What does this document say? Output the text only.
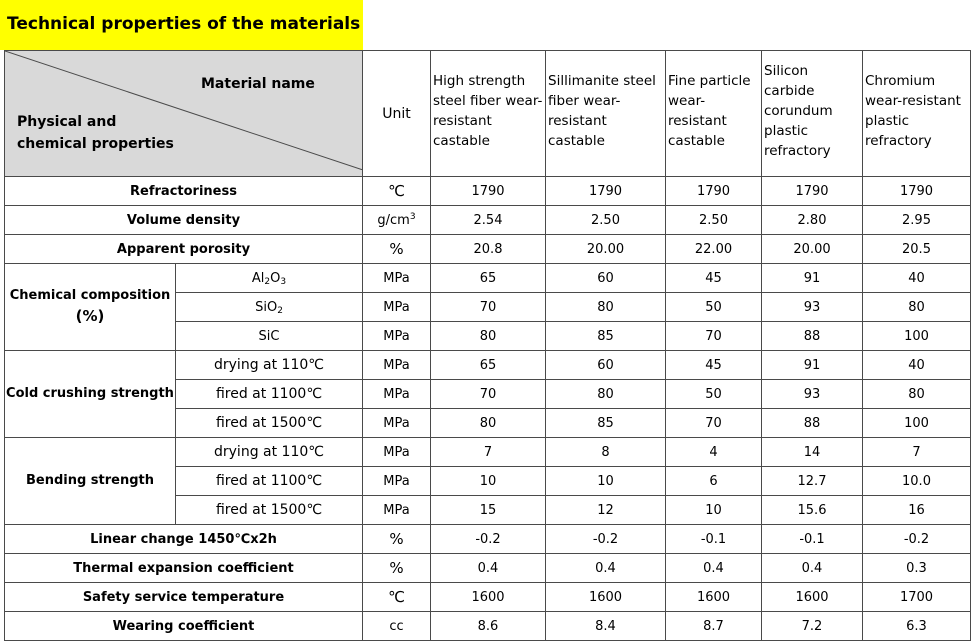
Technical properties of the materials
Material name
Physical and
chemical properties		Unit	High strength steel fiber wear-resistant castable	Sillimanite steel fiber wear-resistant castable	Fine particle wear-resistant castable	Silicon carbide corundum plastic refractory	Chromium wear-resistant plastic refractory
Refractoriness		℃	1790	1790	1790	1790	1790
Volume density		$g/cm^3$	2.54	2.50	2.50	2.80	2.95
Apparent porosity		%	20.8	20.00	22.00	20.00	20.5
Chemical composition
(%)	$Al_2O_3$	MPa	65	60	45	91	40
	SiO$_2$	MPa	70	80	50	93	80
	SiC	MPa	80	85	70	88	100
Cold crushing strength	drying at 110℃	MPa	65	60	45	91	40
	fired at 1100℃	MPa	70	80	50	93	80
	fired at 1500℃	MPa	80	85	70	88	100
Bending strength	drying at 110℃	MPa	7	8	4	14	7
	fired at 1100℃	MPa	10	10	6	12.7	10.0
	fired at 1500℃	MPa	15	12	10	15.6	16
Linear change 1450℃x2h		%	-0.2	-0.2	-0.1	-0.1	-0.2
Thermal expansion coefficient		%	0.4	0.4	0.4	0.4	0.3
Safety service temperature		℃	1600	1600	1600	1600	1700
Wearing coefficient		cc	8.6	8.4	8.7	7.2	6.3
